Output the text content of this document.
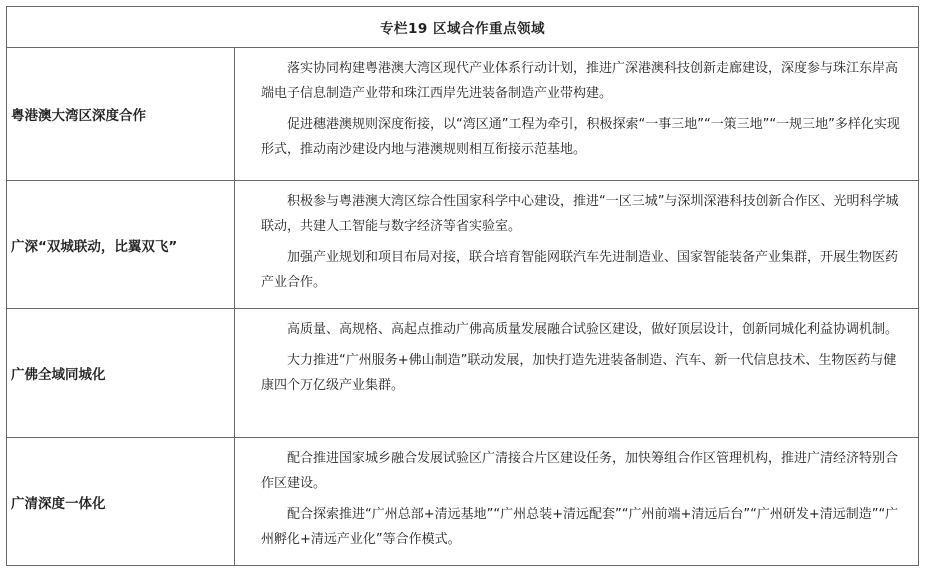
专栏19 区域合作重点领域
粤港澳大湾区深度合作

落实协同构建粤港澳大湾区现代产业体系行动计划，推进广深港澳科技创新走廊建设，深度参与珠江东岸高端电子信息制造产业带和珠江西岸先进装备制造产业带构建。

促进穗港澳规则深度衔接，以“湾区通”工程为牵引，积极探索“一事三地”“一策三地”“一规三地”多样化实现形式，推动南沙建设内地与港澳规则相互衔接示范基地。

广深“双城联动，比翼双飞”

积极参与粤港澳大湾区综合性国家科学中心建设，推进“一区三城”与深圳深港科技创新合作区、光明科学城联动，共建人工智能与数字经济等省实验室。

加强产业规划和项目布局对接，联合培育智能网联汽车先进制造业、国家智能装备产业集群，开展生物医药产业合作。

广佛全域同城化

高质量、高规格、高起点推动广佛高质量发展融合试验区建设，做好顶层设计，创新同城化利益协调机制。

大力推进“广州服务+佛山制造”联动发展，加快打造先进装备制造、汽车、新一代信息技术、生物医药与健康四个万亿级产业集群。

广清深度一体化

配合推进国家城乡融合发展试验区广清接合片区建设任务，加快筹组合作区管理机构，推进广清经济特别合作区建设。

配合探索推进“广州总部+清远基地”“广州总装+清远配套”“广州前端+清远后台”“广州研发+清远制造”“广州孵化+清远产业化”等合作模式。
